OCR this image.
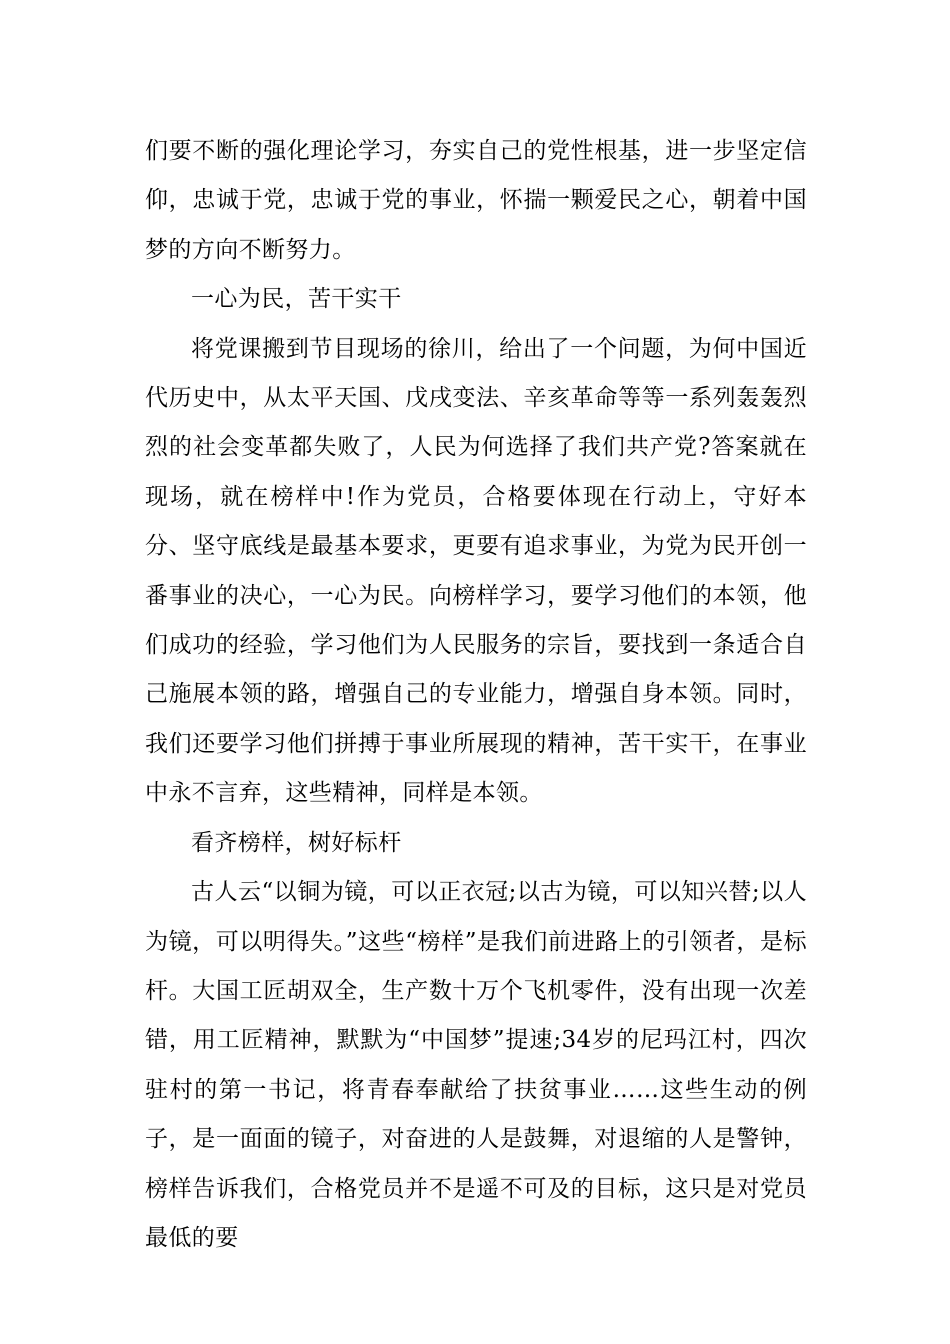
们要不断的强化理论学习，夯实自己的党性根基，进一步坚定信仰，忠诚于党，忠诚于党的事业，怀揣一颗爱民之心，朝着中国梦的方向不断努力。

一心为民，苦干实干

将党课搬到节目现场的徐川，给出了一个问题，为何中国近代历史中，从太平天国、戊戌变法、辛亥革命等等一系列轰轰烈烈的社会变革都失败了，人民为何选择了我们共产党?答案就在现场，就在榜样中!作为党员，合格要体现在行动上，守好本分、坚守底线是最基本要求，更要有追求事业，为党为民开创一番事业的决心，一心为民。向榜样学习，要学习他们的本领，他们成功的经验，学习他们为人民服务的宗旨，要找到一条适合自己施展本领的路，增强自己的专业能力，增强自身本领。同时，我们还要学习他们拼搏于事业所展现的精神，苦干实干，在事业中永不言弃，这些精神，同样是本领。

看齐榜样，树好标杆

古人云“以铜为镜，可以正衣冠;以古为镜，可以知兴替;以人为镜，可以明得失。”这些“榜样”是我们前进路上的引领者，是标杆。大国工匠胡双全，生产数十万个飞机零件，没有出现一次差错，用工匠精神，默默为“中国梦”提速;34岁的尼玛江村，四次驻村的第一书记，将青春奉献给了扶贫事业……这些生动的例子，是一面面的镜子，对奋进的人是鼓舞，对退缩的人是警钟，榜样告诉我们，合格党员并不是遥不可及的目标，这只是对党员最低的要
